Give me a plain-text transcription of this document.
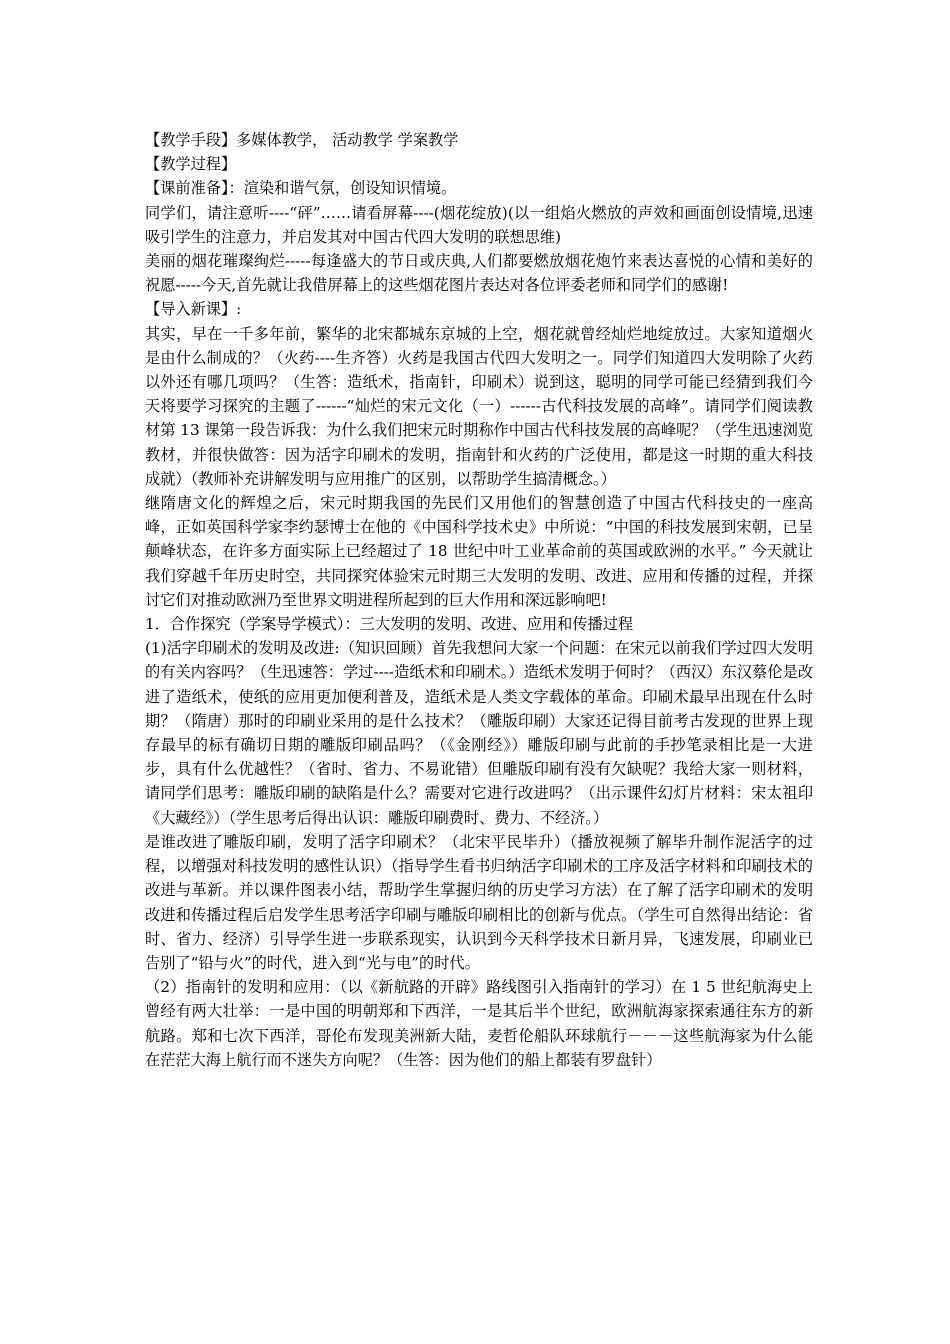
【教学手段】多媒体教学， 活动教学 学案教学

【教学过程】

【课前准备】：渲染和谐气氛，创设知识情境。

同学们，请注意听----“砰”……请看屏幕----(烟花绽放)(以一组焰火燃放的声效和画面创设情境,迅速吸引学生的注意力，并启发其对中国古代四大发明的联想思维)

美丽的烟花璀璨绚烂-----每逢盛大的节日或庆典,人们都要燃放烟花炮竹来表达喜悦的心情和美好的祝愿-----今天,首先就让我借屏幕上的这些烟花图片表达对各位评委老师和同学们的感谢!

【导入新课】:

其实，早在一千多年前，繁华的北宋都城东京城的上空，烟花就曾经灿烂地绽放过。大家知道烟火是由什么制成的？（火药----生齐答）火药是我国古代四大发明之一。同学们知道四大发明除了火药以外还有哪几项吗？（生答：造纸术，指南针，印刷术）说到这，聪明的同学可能已经猜到我们今天将要学习探究的主题了------“灿烂的宋元文化（一）------古代科技发展的高峰”。请同学们阅读教材第 13 课第一段告诉我：为什么我们把宋元时期称作中国古代科技发展的高峰呢？（学生迅速浏览教材，并很快做答：因为活字印刷术的发明，指南针和火药的广泛使用，都是这一时期的重大科技成就）（教师补充讲解发明与应用推广的区别，以帮助学生搞清概念。）

继隋唐文化的辉煌之后，宋元时期我国的先民们又用他们的智慧创造了中国古代科技史的一座高峰，正如英国科学家李约瑟博士在他的《中国科学技术史》中所说：“中国的科技发展到宋朝，已呈颠峰状态，在许多方面实际上已经超过了 18 世纪中叶工业革命前的英国或欧洲的水平。” 今天就让我们穿越千年历史时空，共同探究体验宋元时期三大发明的发明、改进、应用和传播的过程，并探讨它们对推动欧洲乃至世界文明进程所起到的巨大作用和深远影响吧!

1．合作探究（学案导学模式）：三大发明的发明、改进、应用和传播过程

(1)活字印刷术的发明及改进:（知识回顾）首先我想问大家一个问题：在宋元以前我们学过四大发明的有关内容吗？（生迅速答：学过----造纸术和印刷术。）造纸术发明于何时？（西汉）东汉蔡伦是改进了造纸术，使纸的应用更加便利普及，造纸术是人类文字载体的革命。印刷术最早出现在什么时期？（隋唐）那时的印刷业采用的是什么技术？（雕版印刷）大家还记得目前考古发现的世界上现存最早的标有确切日期的雕版印刷品吗？（《金刚经》）雕版印刷与此前的手抄笔录相比是一大进步，具有什么优越性？（省时、省力、不易讹错）但雕版印刷有没有欠缺呢？我给大家一则材料，请同学们思考：雕版印刷的缺陷是什么？需要对它进行改进吗？（出示课件幻灯片材料：宋太祖印《大藏经》）（学生思考后得出认识：雕版印刷费时、费力、不经济。）

是谁改进了雕版印刷，发明了活字印刷术？（北宋平民毕升）（播放视频了解毕升制作泥活字的过程，以增强对科技发明的感性认识）（指导学生看书归纳活字印刷术的工序及活字材料和印刷技术的改进与革新。并以课件图表小结，帮助学生掌握归纳的历史学习方法）在了解了活字印刷术的发明改进和传播过程后启发学生思考活字印刷与雕版印刷相比的创新与优点。（学生可自然得出结论：省时、省力、经济）引导学生进一步联系现实，认识到今天科学技术日新月异，飞速发展，印刷业已告别了“铅与火”的时代，进入到“光与电”的时代。

（2）指南针的发明和应用：（以《新航路的开辟》路线图引入指南针的学习）在 1 5 世纪航海史上曾经有两大壮举：一是中国的明朝郑和下西洋，一是其后半个世纪，欧洲航海家探索通往东方的新航路。郑和七次下西洋，哥伦布发现美洲新大陆，麦哲伦船队环球航行－－－这些航海家为什么能在茫茫大海上航行而不迷失方向呢？（生答：因为他们的船上都装有罗盘针）
